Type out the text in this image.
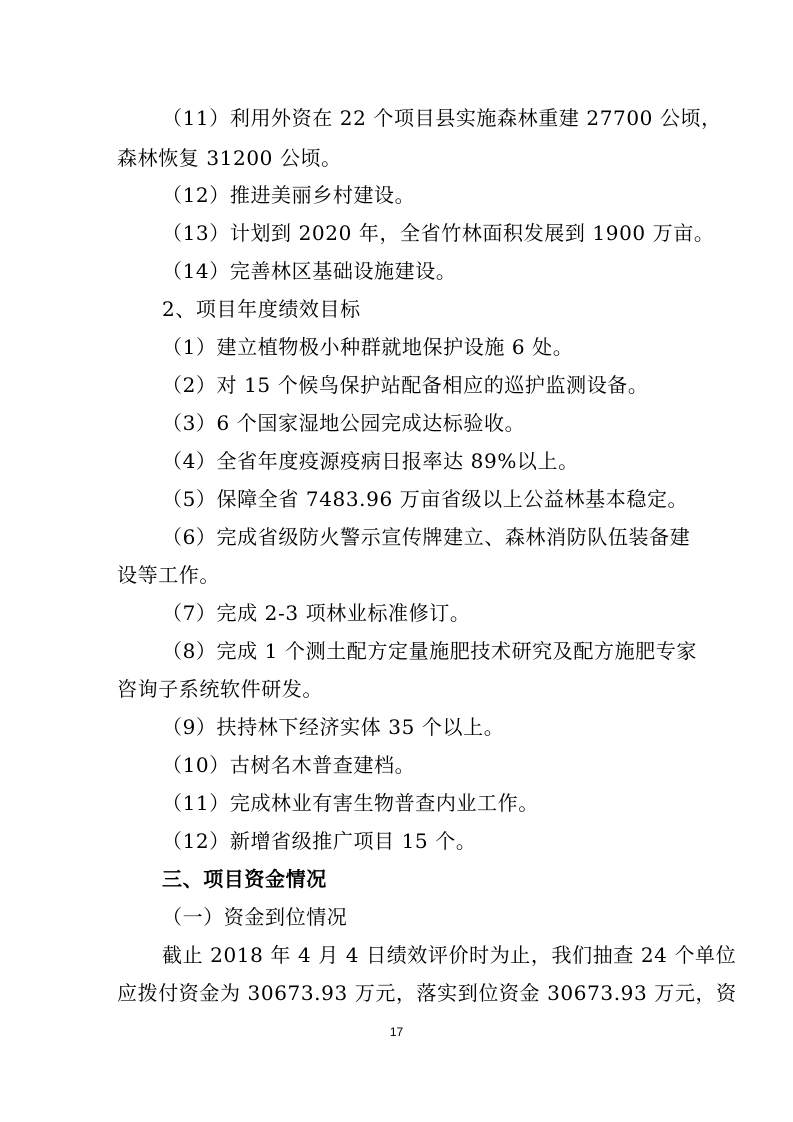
（11）利用外资在 22 个项目县实施森林重建 27700 公顷，
森林恢复 31200 公顷。
（12）推进美丽乡村建设。
（13）计划到 2020 年，全省竹林面积发展到 1900 万亩。
（14）完善林区基础设施建设。
2、项目年度绩效目标
（1）建立植物极小种群就地保护设施 6 处。
（2）对 15 个候鸟保护站配备相应的巡护监测设备。
（3）6 个国家湿地公园完成达标验收。
（4）全省年度疫源疫病日报率达 89%以上。
（5）保障全省 7483.96 万亩省级以上公益林基本稳定。
（6）完成省级防火警示宣传牌建立、森林消防队伍装备建
设等工作。
（7）完成 2-3 项林业标准修订。
（8）完成 1 个测土配方定量施肥技术研究及配方施肥专家
咨询子系统软件研发。
（9）扶持林下经济实体 35 个以上。
（10）古树名木普查建档。
（11）完成林业有害生物普查内业工作。
（12）新增省级推广项目 15 个。
三、项目资金情况
（一）资金到位情况
截止 2018 年 4 月 4 日绩效评价时为止，我们抽查 24 个单位
应拨付资金为 30673.93 万元，落实到位资金 30673.93 万元，资
17
